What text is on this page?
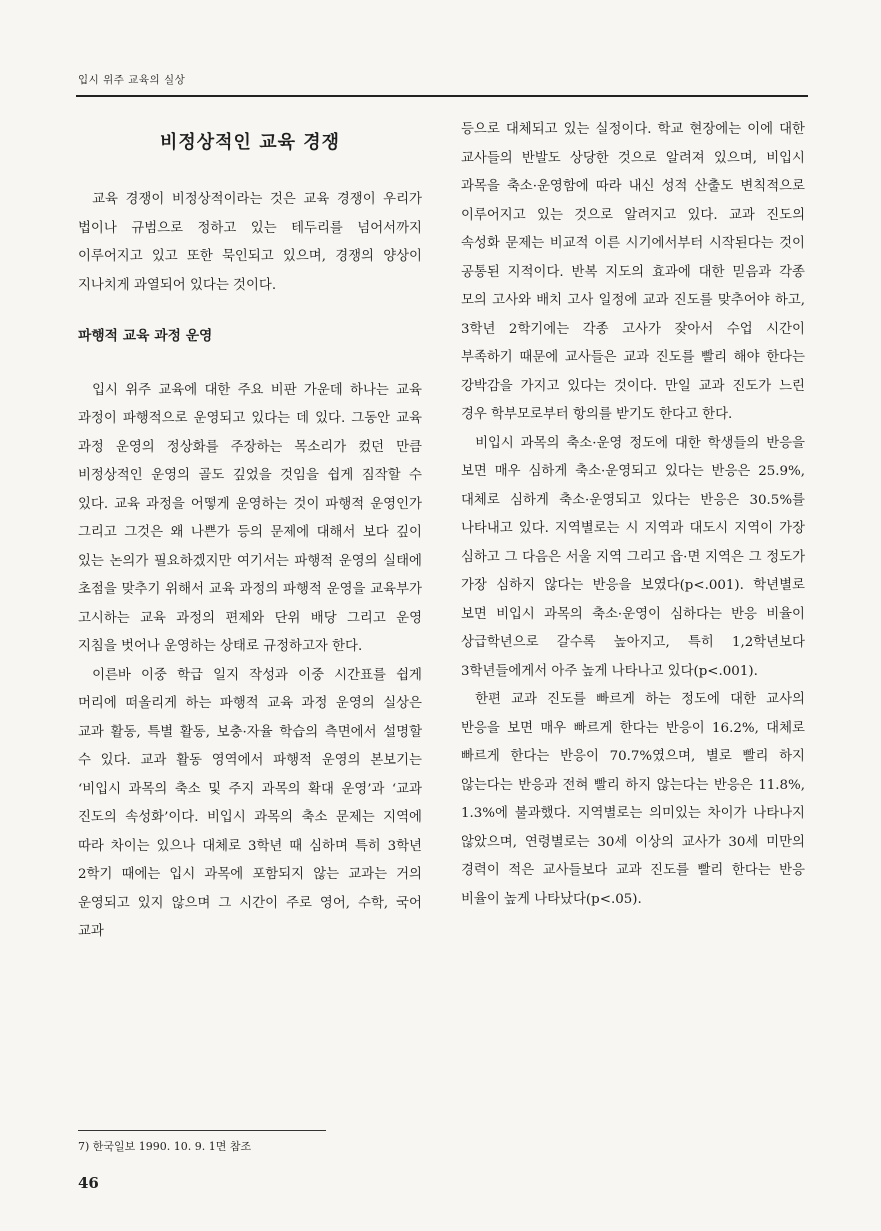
입시 위주 교육의 실상
비정상적인 교육 경쟁

교육 경쟁이 비정상적이라는 것은 교육 경쟁이 우리가 법이나 규범으로 정하고 있는 테두리를 넘어서까지 이루어지고 있고 또한 묵인되고 있으며, 경쟁의 양상이 지나치게 과열되어 있다는 것이다.

파행적 교육 과정 운영

입시 위주 교육에 대한 주요 비판 가운데 하나는 교육 과정이 파행적으로 운영되고 있다는 데 있다. 그동안 교육 과정 운영의 정상화를 주장하는 목소리가 컸던 만큼 비정상적인 운영의 골도 깊었을 것임을 쉽게 짐작할 수 있다. 교육 과정을 어떻게 운영하는 것이 파행적 운영인가 그리고 그것은 왜 나쁜가 등의 문제에 대해서 보다 깊이 있는 논의가 필요하겠지만 여기서는 파행적 운영의 실태에 초점을 맞추기 위해서 교육 과정의 파행적 운영을 교육부가 고시하는 교육 과정의 편제와 단위 배당 그리고 운영 지침을 벗어나 운영하는 상태로 규정하고자 한다.

이른바 이중 학급 일지 작성과 이중 시간표를 쉽게 머리에 떠올리게 하는 파행적 교육 과정 운영의 실상은 교과 활동, 특별 활동, 보충·자율 학습의 측면에서 설명할 수 있다. 교과 활동 영역에서 파행적 운영의 본보기는 ‘비입시 과목의 축소 및 주지 과목의 확대 운영’과 ‘교과 진도의 속성화’이다. 비입시 과목의 축소 문제는 지역에 따라 차이는 있으나 대체로 3학년 때 심하며 특히 3학년 2학기 때에는 입시 과목에 포함되지 않는 교과는 거의 운영되고 있지 않으며 그 시간이 주로 영어, 수학, 국어 교과

등으로 대체되고 있는 실정이다. 학교 현장에는 이에 대한 교사들의 반발도 상당한 것으로 알려져 있으며, 비입시 과목을 축소·운영함에 따라 내신 성적 산출도 변칙적으로 이루어지고 있는 것으로 알려지고 있다. 교과 진도의 속성화 문제는 비교적 이른 시기에서부터 시작된다는 것이 공통된 지적이다. 반복 지도의 효과에 대한 믿음과 각종 모의 고사와 배치 고사 일정에 교과 진도를 맞추어야 하고, 3학년 2학기에는 각종 고사가 잦아서 수업 시간이 부족하기 때문에 교사들은 교과 진도를 빨리 해야 한다는 강박감을 가지고 있다는 것이다. 만일 교과 진도가 느린 경우 학부모로부터 항의를 받기도 한다고 한다.

비입시 과목의 축소·운영 정도에 대한 학생들의 반응을 보면 매우 심하게 축소·운영되고 있다는 반응은 25.9%, 대체로 심하게 축소·운영되고 있다는 반응은 30.5%를 나타내고 있다. 지역별로는 시 지역과 대도시 지역이 가장 심하고 그 다음은 서울 지역 그리고 읍·면 지역은 그 정도가 가장 심하지 않다는 반응을 보였다(p<.001). 학년별로 보면 비입시 과목의 축소·운영이 심하다는 반응 비율이 상급학년으로 갈수록 높아지고, 특히 1,2학년보다 3학년들에게서 아주 높게 나타나고 있다(p<.001).

한편 교과 진도를 빠르게 하는 정도에 대한 교사의 반응을 보면 매우 빠르게 한다는 반응이 16.2%, 대체로 빠르게 한다는 반응이 70.7%였으며, 별로 빨리 하지 않는다는 반응과 전혀 빨리 하지 않는다는 반응은 11.8%, 1.3%에 불과했다. 지역별로는 의미있는 차이가 나타나지 않았으며, 연령별로는 30세 이상의 교사가 30세 미만의 경력이 적은 교사들보다 교과 진도를 빨리 한다는 반응 비율이 높게 나타났다(p<.05).

7) 한국일보 1990. 10. 9. 1면 참조
46
